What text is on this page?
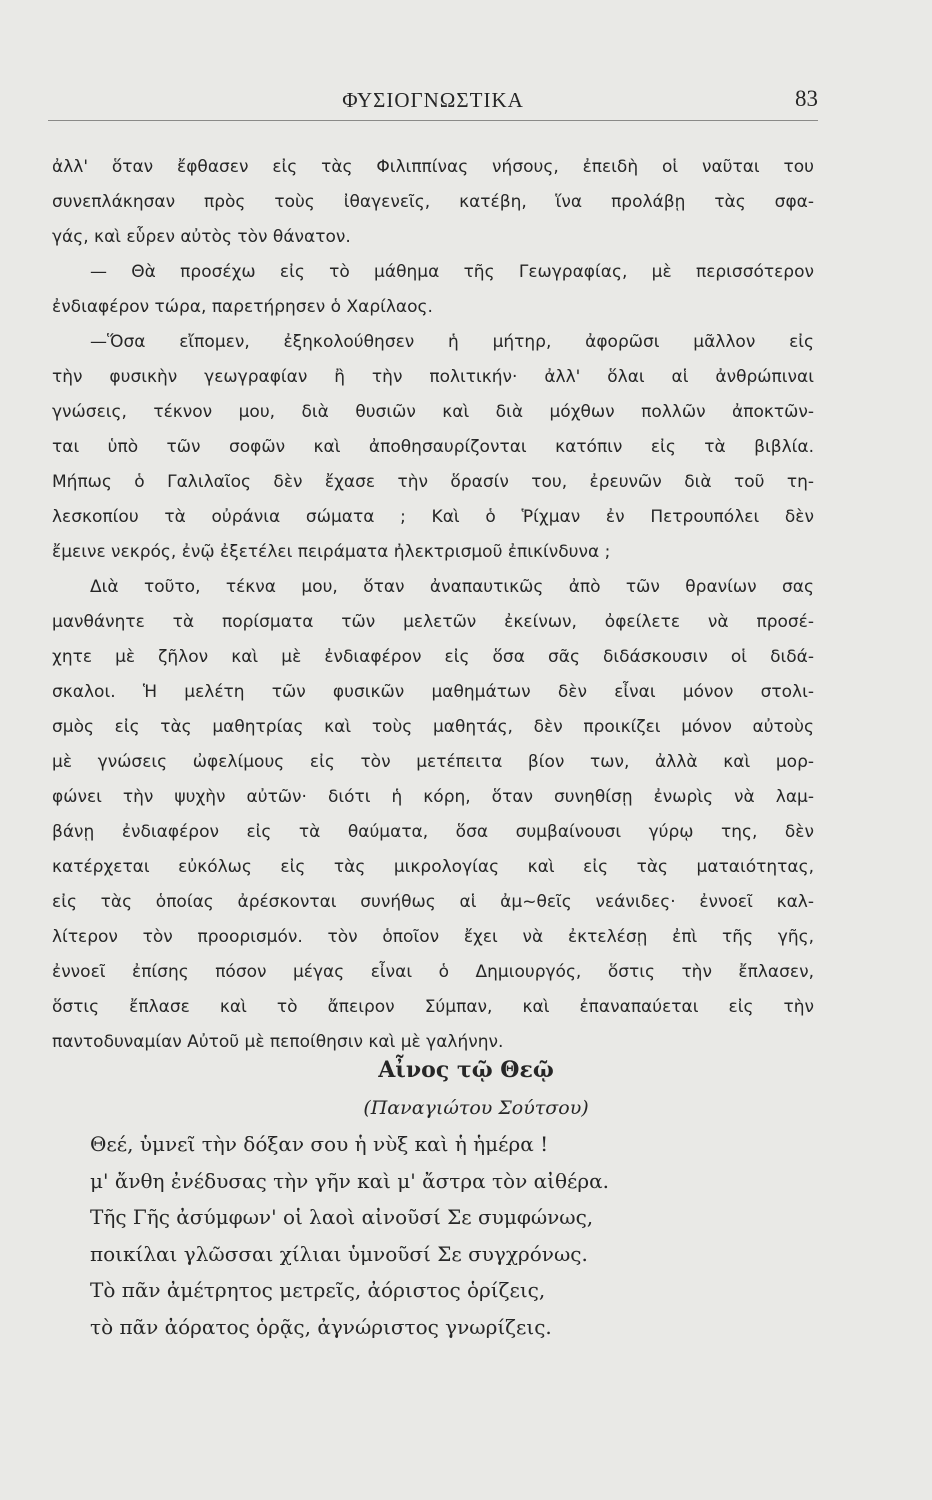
ΦΥΣΙΟΓΝΩΣΤΙΚΑ	83
ἀλλ' ὅταν ἔφθασεν εἰς τὰς Φιλιππίνας νήσους, ἐπειδὴ οἱ ναῦται του
συνεπλάκησαν πρὸς τοὺς ἰθαγενεῖς, κατέβη, ἵνα προλάβῃ τὰς σφα-
γάς, καὶ εὗρεν αὐτὸς τὸν θάνατον.
— Θὰ προσέχω εἰς τὸ μάθημα τῆς Γεωγραφίας, μὲ περισσότερον
ἐνδιαφέρον τώρα, παρετήρησεν ὁ Χαρίλαος.
—Ὅσα εἴπομεν, ἐξηκολούθησεν ἡ μήτηρ, ἀφορῶσι μᾶλλον εἰς
τὴν φυσικὴν γεωγραφίαν ἢ τὴν πολιτικήν· ἀλλ' ὅλαι αἱ ἀνθρώπιναι
γνώσεις, τέκνον μου, διὰ θυσιῶν καὶ διὰ μόχθων πολλῶν ἀποκτῶν-
ται ὑπὸ τῶν σοφῶν καὶ ἀποθησαυρίζονται κατόπιν εἰς τὰ βιβλία.
Μήπως ὁ Γαλιλαῖος δὲν ἔχασε τὴν ὅρασίν του, ἐρευνῶν διὰ τοῦ τη-
λεσκοπίου τὰ οὐράνια σώματα ; Καὶ ὁ Ῥίχμαν ἐν Πετρουπόλει δὲν
ἔμεινε νεκρός, ἐνῷ ἐξετέλει πειράματα ἠλεκτρισμοῦ ἐπικίνδυνα ;
Διὰ τοῦτο, τέκνα μου, ὅταν ἀναπαυτικῶς ἀπὸ τῶν θρανίων σας
μανθάνητε τὰ πορίσματα τῶν μελετῶν ἐκείνων, ὀφείλετε νὰ προσέ-
χητε μὲ ζῆλον καὶ μὲ ἐνδιαφέρον εἰς ὅσα σᾶς διδάσκουσιν οἱ διδά-
σκαλοι. Ἡ μελέτη τῶν φυσικῶν μαθημάτων δὲν εἶναι μόνον στολι-
σμὸς εἰς τὰς μαθητρίας καὶ τοὺς μαθητάς, δὲν προικίζει μόνον αὐτοὺς
μὲ γνώσεις ὠφελίμους εἰς τὸν μετέπειτα βίον των, ἀλλὰ καὶ μορ-
φώνει τὴν ψυχὴν αὐτῶν· διότι ἡ κόρη, ὅταν συνηθίσῃ ἐνωρὶς νὰ λαμ-
βάνῃ ἐνδιαφέρον εἰς τὰ θαύματα, ὅσα συμβαίνουσι γύρῳ της, δὲν
κατέρχεται εὐκόλως εἰς τὰς μικρολογίας καὶ εἰς τὰς ματαιότητας,
εἰς τὰς ὁποίας ἀρέσκονται συνήθως αἱ ἀμ~θεῖς νεάνιδες· ἐννοεῖ καλ-
λίτερον τὸν προορισμόν. τὸν ὁποῖον ἔχει νὰ ἐκτελέσῃ ἐπὶ τῆς γῆς,
ἐννοεῖ ἐπίσης πόσον μέγας εἶναι ὁ Δημιουργός, ὅστις τὴν ἔπλασεν,
ὅστις ἔπλασε καὶ τὸ ἄπειρον Σύμπαν, καὶ ἐπαναπαύεται εἰς τὴν
παντοδυναμίαν Αὐτοῦ μὲ πεποίθησιν καὶ μὲ γαλήνην.
Αἶνος τῷ Θεῷ
(Παναγιώτου Σούτσου)
Θεέ, ὑμνεῖ τὴν δόξαν σου ἡ νὺξ καὶ ἡ ἡμέρα !
μ' ἄνθη ἐνέδυσας τὴν γῆν καὶ μ' ἄστρα τὸν αἰθέρα.
Τῆς Γῆς ἀσύμφων' οἱ λαοὶ αἰνοῦσί Σε συμφώνως,
ποικίλαι γλῶσσαι χίλιαι ὑμνοῦσί Σε συγχρόνως.
Τὸ πᾶν ἀμέτρητος μετρεῖς, ἀόριστος ὁρίζεις,
τὸ πᾶν ἀόρατος ὁρᾷς, ἀγνώριστος γνωρίζεις.
